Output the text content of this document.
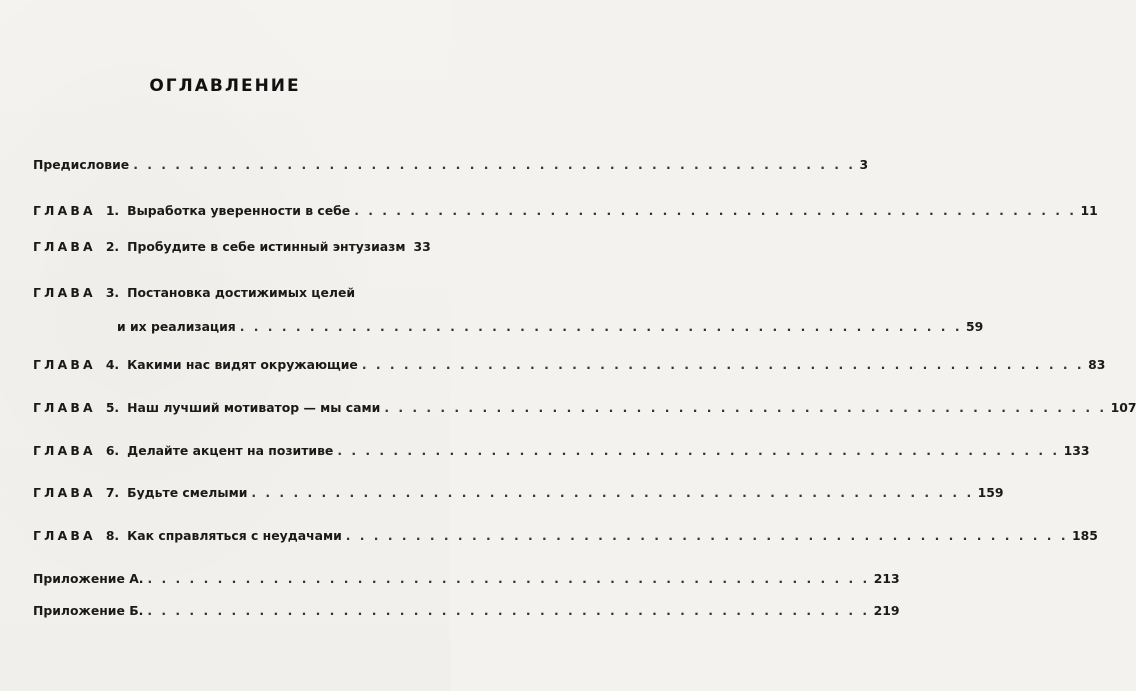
ОГЛАВЛЕНИЕ
Предисловие . . . . . . . . . . . . . . . . . . . . . . . . . . . . . . . . . . . . . . . . . . . . . . . . . . . . 3
ГЛАВА 1. Выработка уверенности в себе . . . . . . . . . . . . . . . . . . . . . . . . . . . . . . . . . . . . . . . . . . . . . . . . . . . . 11
ГЛАВА 2. Пробудите в себе истинный энтузиазм 33
ГЛАВА 3. Постановка достижимых целей
и их реализация . . . . . . . . . . . . . . . . . . . . . . . . . . . . . . . . . . . . . . . . . . . . . . . . . . . . 59
ГЛАВА 4. Какими нас видят окружающие . . . . . . . . . . . . . . . . . . . . . . . . . . . . . . . . . . . . . . . . . . . . . . . . . . . . 83
ГЛАВА 5. Наш лучший мотиватор — мы сами . . . . . . . . . . . . . . . . . . . . . . . . . . . . . . . . . . . . . . . . . . . . . . . . . . . . 107
ГЛАВА 6. Делайте акцент на позитиве . . . . . . . . . . . . . . . . . . . . . . . . . . . . . . . . . . . . . . . . . . . . . . . . . . . . 133
ГЛАВА 7. Будьте смелыми . . . . . . . . . . . . . . . . . . . . . . . . . . . . . . . . . . . . . . . . . . . . . . . . . . . . 159
ГЛАВА 8. Как справляться с неудачами . . . . . . . . . . . . . . . . . . . . . . . . . . . . . . . . . . . . . . . . . . . . . . . . . . . . 185
Приложение А. . . . . . . . . . . . . . . . . . . . . . . . . . . . . . . . . . . . . . . . . . . . . . . . . . . . . 213
Приложение Б. . . . . . . . . . . . . . . . . . . . . . . . . . . . . . . . . . . . . . . . . . . . . . . . . . . . . 219
